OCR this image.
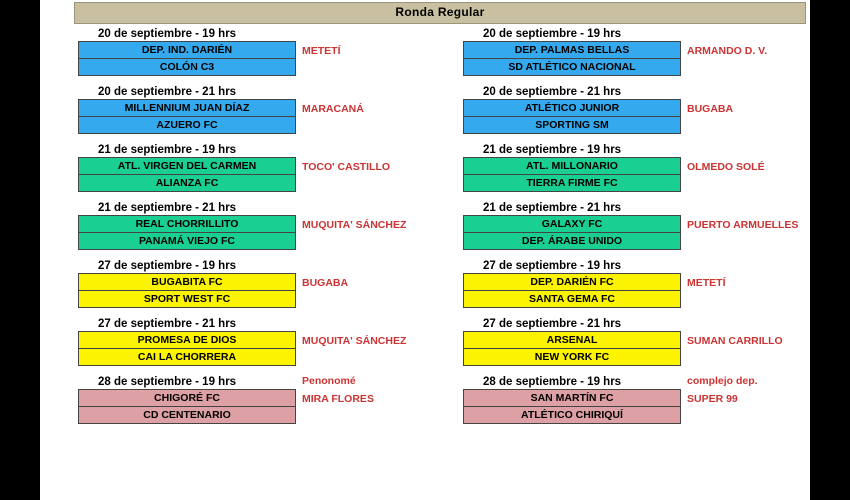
Ronda Regular
20 de septiembre - 19 hrs
DEP. IND. DARIÉN
COLÓN C3
METETÍ
20 de septiembre - 21 hrs
MILLENNIUM JUAN DÍAZ
AZUERO FC
MARACANÁ
21 de septiembre - 19 hrs
ATL. VIRGEN DEL CARMEN
ALIANZA FC
TOCO' CASTILLO
21 de septiembre - 21 hrs
REAL CHORRILLITO
PANAMÁ VIEJO FC
MUQUITA' SÁNCHEZ
27 de septiembre - 19 hrs
BUGABITA FC
SPORT WEST FC
BUGABA
27 de septiembre - 21 hrs
PROMESA DE DIOS
CAI LA CHORRERA
MUQUITA' SÁNCHEZ
28 de septiembre - 19 hrs
CHIGORÉ FC
CD CENTENARIO
Penonomé
MIRA FLORES
20 de septiembre - 19 hrs
DEP. PALMAS BELLAS
SD ATLÉTICO NACIONAL
ARMANDO D. V.
20 de septiembre - 21 hrs
ATLÉTICO JUNIOR
SPORTING SM
BUGABA
21 de septiembre - 19 hrs
ATL. MILLONARIO
TIERRA FIRME FC
OLMEDO SOLÉ
21 de septiembre - 21 hrs
GALAXY FC
DEP. ÁRABE UNIDO
PUERTO ARMUELLES
27 de septiembre - 19 hrs
DEP. DARIÉN FC
SANTA GEMA FC
METETÍ
27 de septiembre - 21 hrs
ARSENAL
NEW YORK FC
SUMAN CARRILLO
28 de septiembre - 19 hrs
SAN MARTÍN FC
ATLÉTICO CHIRIQUÍ
complejo dep.
SUPER 99
